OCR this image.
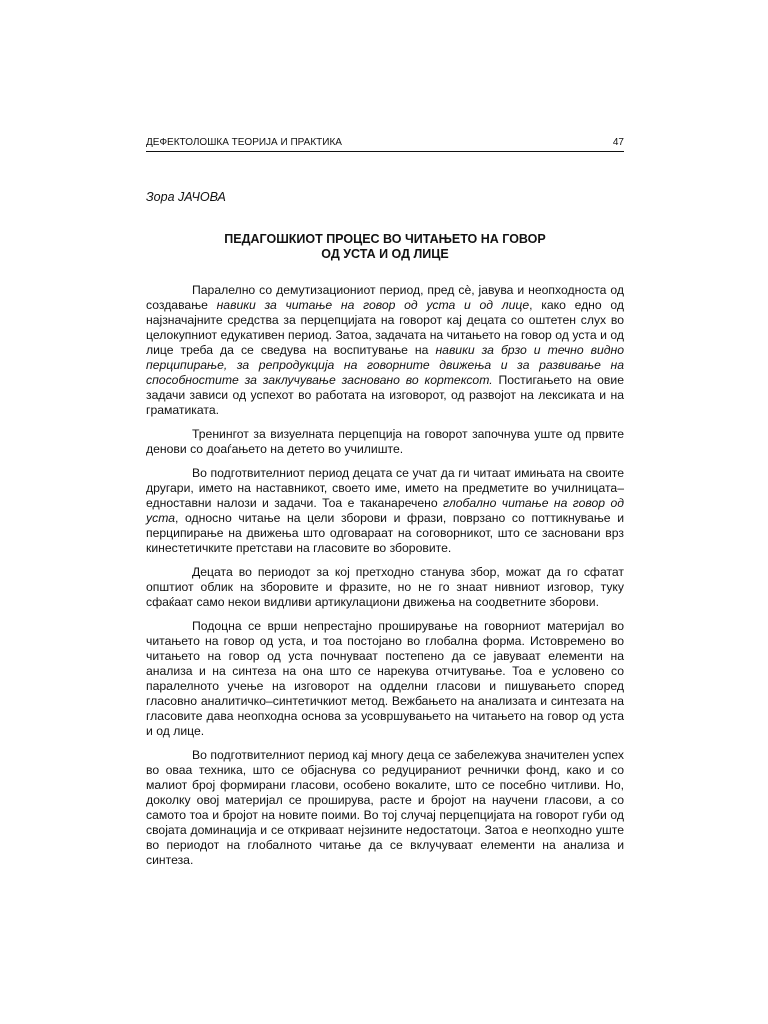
ДЕФЕКТОЛОШКА ТЕОРИЈА И ПРАКТИКА	47
Зора ЈАЧОВА
ПЕДАГОШКИОТ ПРОЦЕС ВО ЧИТАЊЕТО НА ГОВОР
ОД УСТА И ОД ЛИЦЕ

Паралелно со демутизациониот период, пред сѐ, јавува и неопходноста од создавање навики за читање на говор од уста и од лице, како едно од најзначајните средства за перцепцијата на говорот кај децата со оштетен слух во целокупниот едукативен период. Затоа, задачата на читањето на говор од уста и од лице треба да се сведува на воспитување на навики за брзо и течно видно перципирање, за репродукција на говорните движења и за развивање на способностите за заклучување засновано во кортексот. Постигањето на овие задачи зависи од успехот во работата на изговорот, од развојот на лексиката и на граматиката.

Тренингот за визуелната перцепција на говорот започнува уште од првите денови со доаѓањето на детето во училиште.

Во подготвителниот период децата се учат да ги читаат имињата на своите другари, името на наставникот, своето име, името на предметите во училницата–едноставни налози и задачи. Тоа е таканаречено глобално читање на говор од уста, односно читање на цели зборови и фрази, поврзано со поттикнување и перципирање на движења што одговараат на соговорникот, што се засновани врз кинестетичките претстави на гласовите во зборовите.

Децата во периодот за кој претходно станува збор, можат да го сфатат општиот облик на зборовите и фразите, но не го знаат нивниот изговор, туку сфаќаат само некои видливи артикулациони движења на соодветните зборови.

Подоцна се врши непрестајно проширување на говорниот материјал во читањето на говор од уста, и тоа постојано во глобална форма. Истовремено во читањето на говор од уста почнуваат постепено да се јавуваат елементи на анализа и на синтеза на она што се нарекува отчитување. Тоа е условено со паралелното учење на изговорот на одделни гласови и пишувањето според гласовно аналитичко–синтетичкиот метод. Вежбањето на анализата и синтезата на гласовите дава неопходна основа за усовршувањето на читањето на говор од уста и од лице.

Во подготвителниот период кај многу деца се забележува значителен успех во оваа техника, што се објаснува со редуцираниот речнички фонд, како и со малиот број формирани гласови, особено вокалите, што се посебно читливи. Но, доколку овој материјал се проширува, расте и бројот на научени гласови, а со самото тоа и бројот на новите поими. Во тој случај перцепцијата на говорот губи од својата доминација и се откриваат нејзините недостатоци. Затоа е неопходно уште во периодот на глобалното читање да се вклучуваат елементи на анализа и синтеза.
